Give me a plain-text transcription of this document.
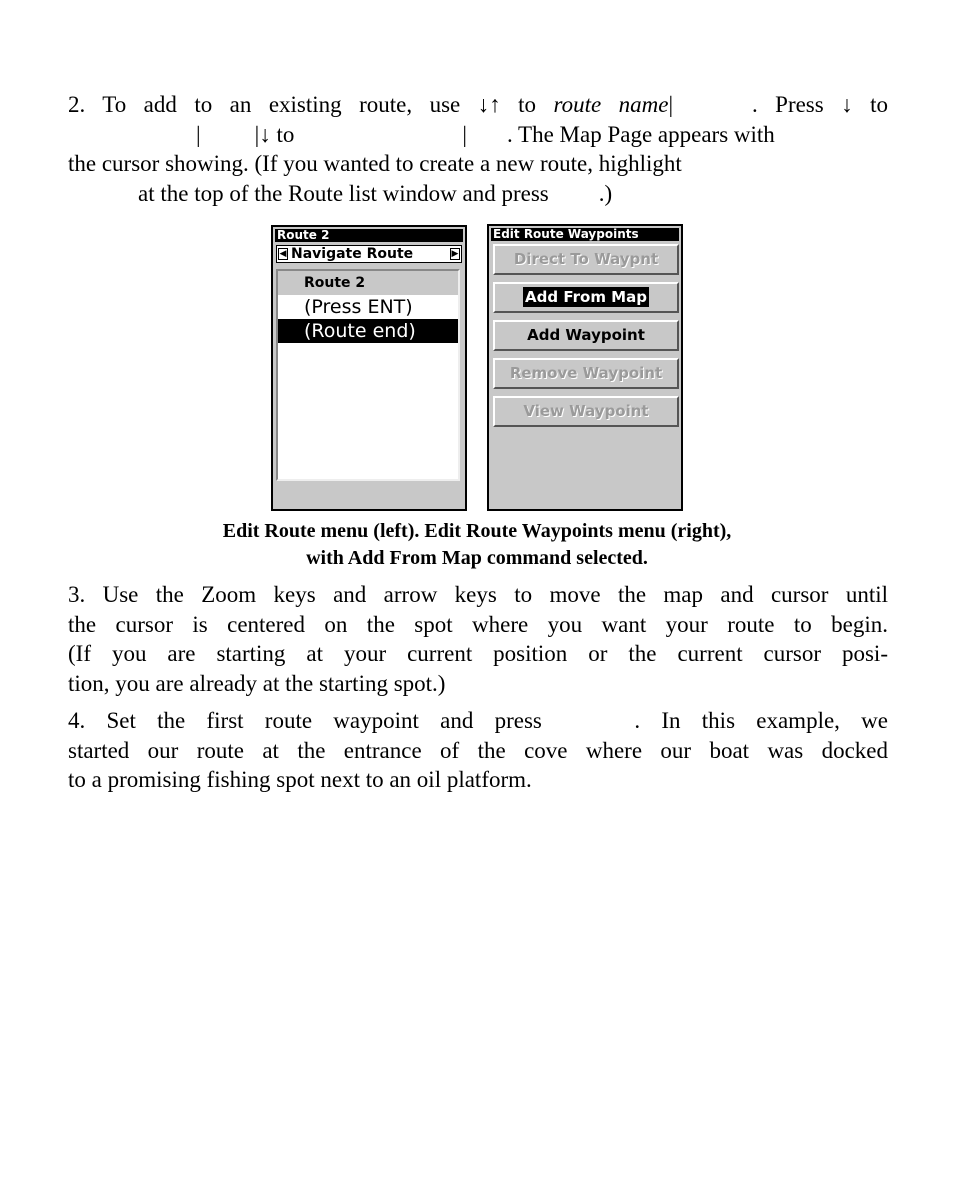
2. To add to an existing route, use ↓↑ to route name|	. Press ↓ to
| |↓ to	| . The Map Page appears with
the cursor showing. (If you wanted to create a new route, highlight
at the top of the Route list window and press .)
Route 2
◀ Navigate Route	▶
Route 2
(Press ENT)
(Route end)
Edit Route Waypoints
Direct To Waypnt
Add From Map
Add Waypoint
Remove Waypoint
View Waypoint
Edit Route menu (left). Edit Route Waypoints menu (right),
with Add From Map command selected.
3. Use the Zoom keys and arrow keys to move the map and cursor until
the cursor is centered on the spot where you want your route to begin.
(If you are starting at your current position or the current cursor posi-
tion, you are already at the starting spot.)
4. Set the first route waypoint and press	. In this example, we
started our route at the entrance of the cove where our boat was docked
to a promising fishing spot next to an oil platform.
